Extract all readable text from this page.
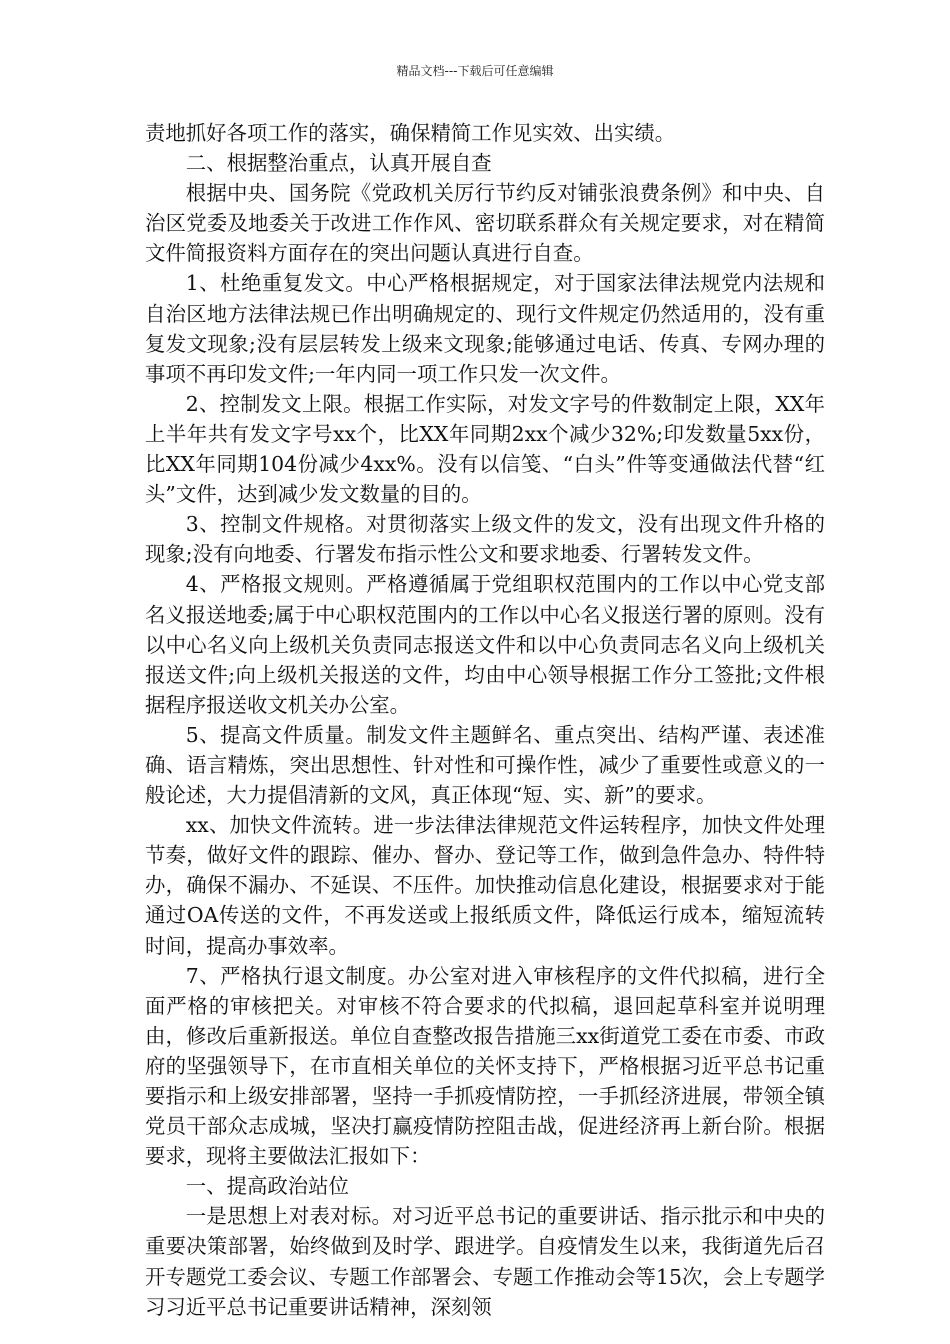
精品文档---下载后可任意编辑

责地抓好各项工作的落实，确保精简工作见实效、出实绩。

二、根据整治重点，认真开展自查

根据中央、国务院《党政机关厉行节约反对铺张浪费条例》和中央、自治区党委及地委关于改进工作作风、密切联系群众有关规定要求，对在精简文件简报资料方面存在的突出问题认真进行自查。

1、杜绝重复发文。中心严格根据规定，对于国家法律法规党内法规和自治区地方法律法规已作出明确规定的、现行文件规定仍然适用的，没有重复发文现象;没有层层转发上级来文现象;能够通过电话、传真、专网办理的事项不再印发文件;一年内同一项工作只发一次文件。

2、控制发文上限。根据工作实际，对发文字号的件数制定上限，XX年上半年共有发文字号xx个，比XX年同期2xx个减少32%;印发数量5xx份，比XX年同期104份减少4xx%。没有以信笺、“白头”件等变通做法代替“红头”文件，达到减少发文数量的目的。

3、控制文件规格。对贯彻落实上级文件的发文，没有出现文件升格的现象;没有向地委、行署发布指示性公文和要求地委、行署转发文件。

4、严格报文规则。严格遵循属于党组职权范围内的工作以中心党支部名义报送地委;属于中心职权范围内的工作以中心名义报送行署的原则。没有以中心名义向上级机关负责同志报送文件和以中心负责同志名义向上级机关报送文件;向上级机关报送的文件，均由中心领导根据工作分工签批;文件根据程序报送收文机关办公室。

5、提高文件质量。制发文件主题鲜名、重点突出、结构严谨、表述准确、语言精炼，突出思想性、针对性和可操作性，减少了重要性或意义的一般论述，大力提倡清新的文风，真正体现“短、实、新”的要求。

xx、加快文件流转。进一步法律法律规范文件运转程序，加快文件处理节奏，做好文件的跟踪、催办、督办、登记等工作，做到急件急办、特件特办，确保不漏办、不延误、不压件。加快推动信息化建设，根据要求对于能通过OA传送的文件，不再发送或上报纸质文件，降低运行成本，缩短流转时间，提高办事效率。

7、严格执行退文制度。办公室对进入审核程序的文件代拟稿，进行全面严格的审核把关。对审核不符合要求的代拟稿，退回起草科室并说明理由，修改后重新报送。单位自查整改报告措施三xx街道党工委在市委、市政府的坚强领导下，在市直相关单位的关怀支持下，严格根据习近平总书记重要指示和上级安排部署，坚持一手抓疫情防控，一手抓经济进展，带领全镇党员干部众志成城，坚决打赢疫情防控阻击战，促进经济再上新台阶。根据要求，现将主要做法汇报如下：

一、提高政治站位

一是思想上对表对标。对习近平总书记的重要讲话、指示批示和中央的重要决策部署，始终做到及时学、跟进学。自疫情发生以来，我街道先后召开专题党工委会议、专题工作部署会、专题工作推动会等15次，会上专题学习习近平总书记重要讲话精神，深刻领
